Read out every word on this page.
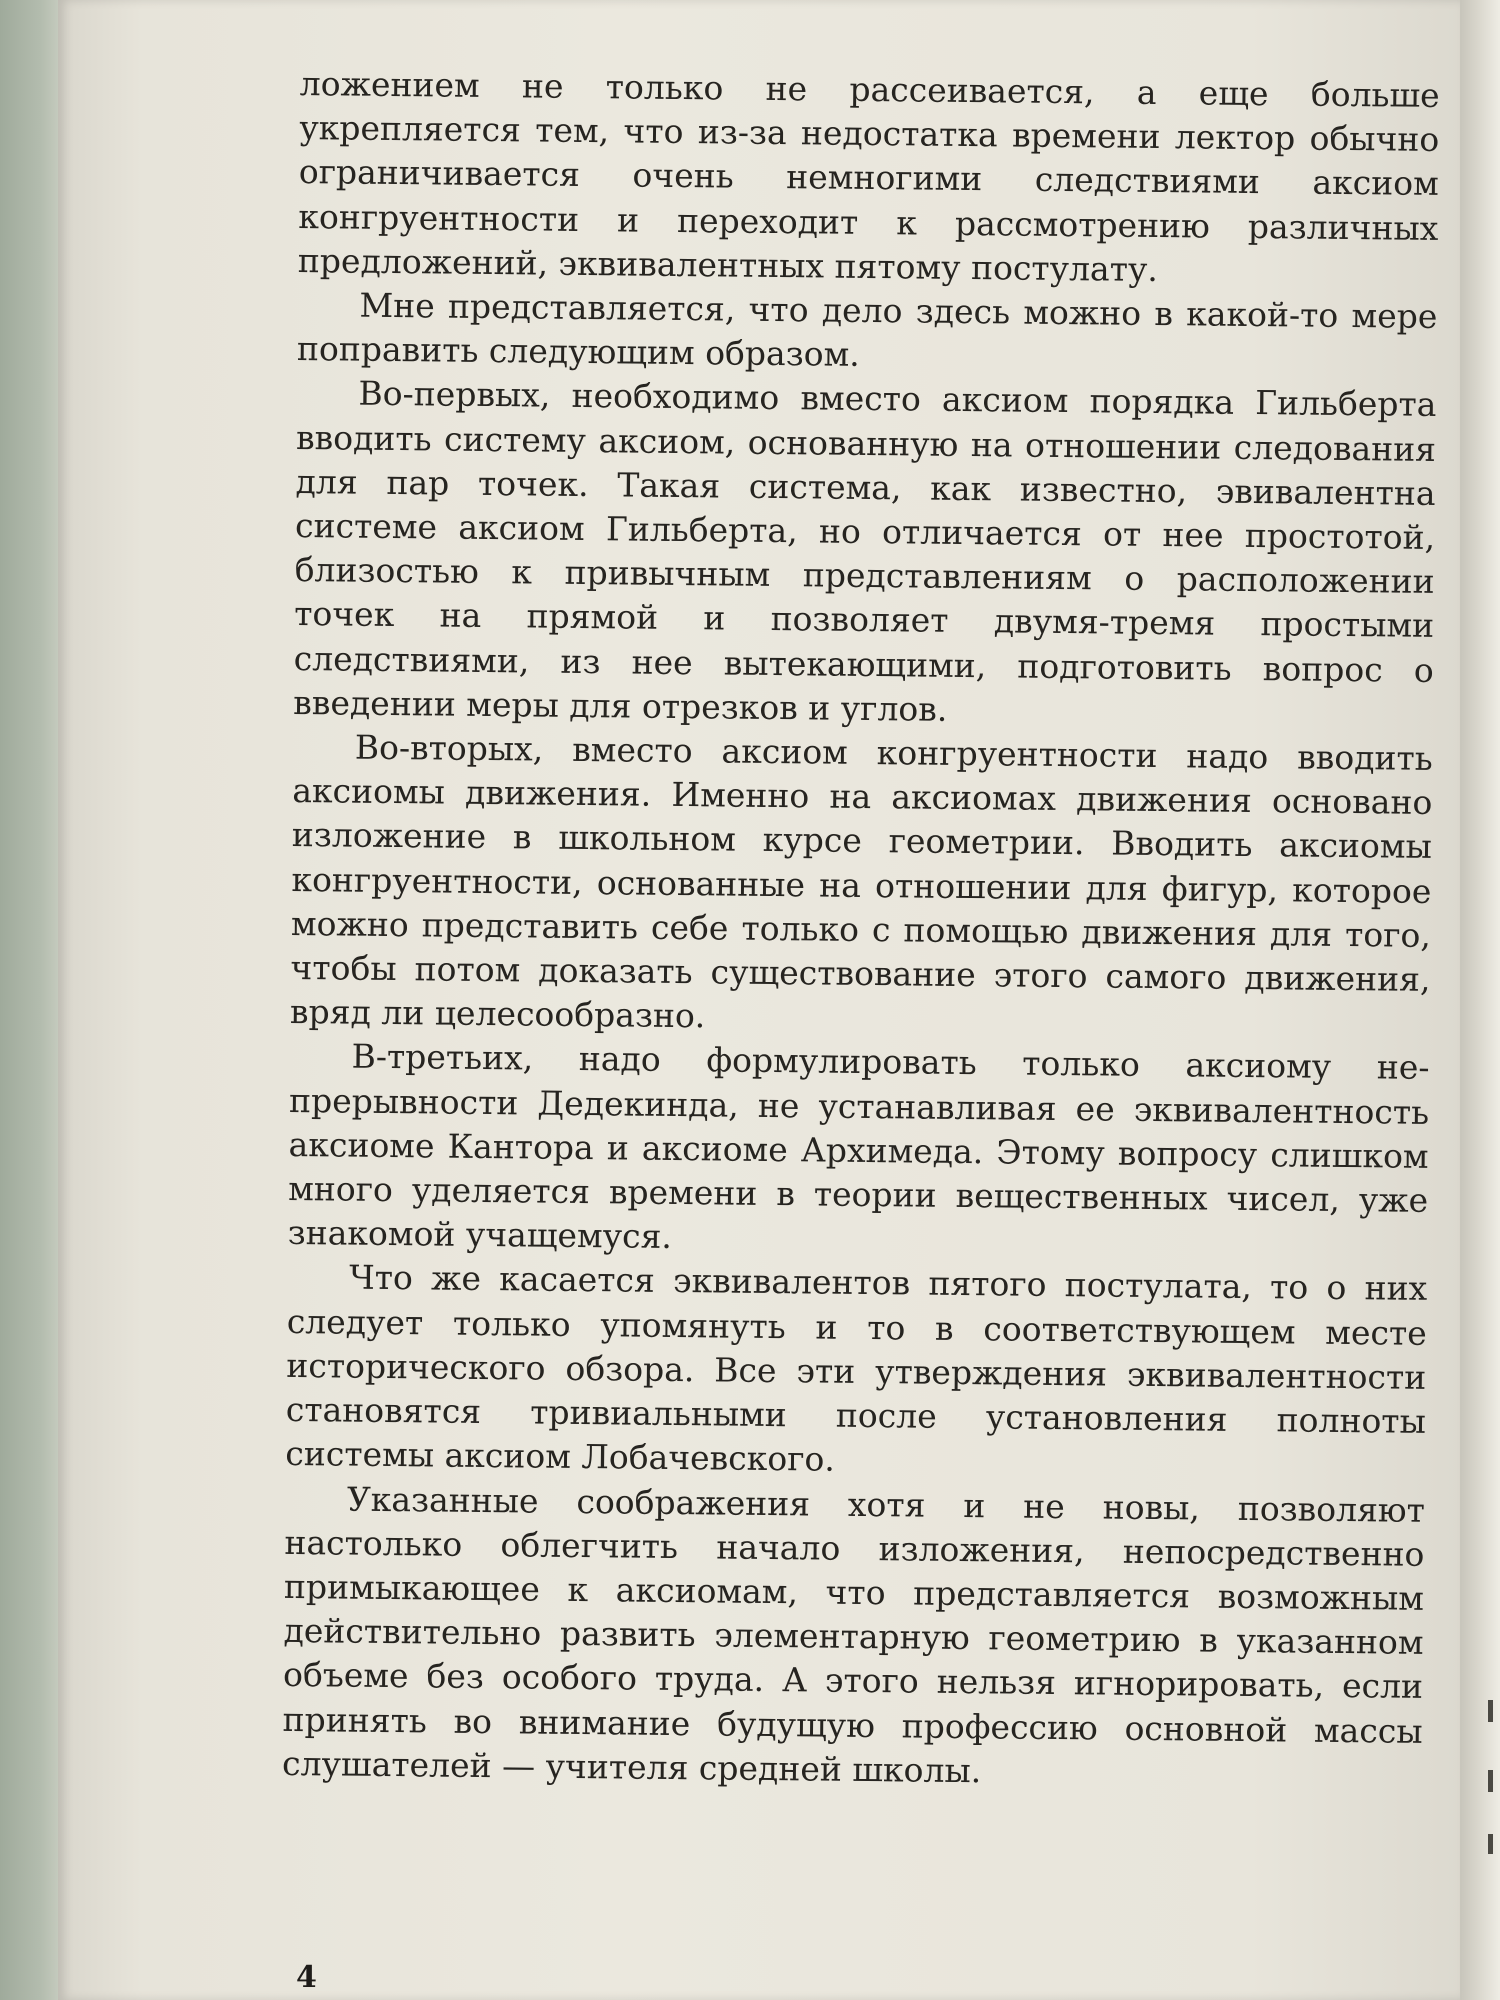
ложением не только не рассеивается, а еще больше укрепляется тем, что из-за недостатка времени лектор обычно ограничивается очень немногими следствиями аксиом конгруентности и переходит к рассмотрению различных предложений, эквивалентных пятому постулату.

Мне представляется, что дело здесь можно в какой-то мере поправить следующим образом.

Во-первых, необходимо вместо аксиом порядка Гильберта вводить систему аксиом, основанную на отношении следования для пар точек. Такая система, как известно, эвивалентна системе аксиом Гильберта, но отличается от нее простотой, близостью к привычным представлениям о расположении точек на прямой и позволяет двумя-тремя простыми следствиями, из нее вытекающими, подготовить вопрос о введении меры для отрезков и углов.

Во-вторых, вместо аксиом конгруентности надо вводить аксиомы движения. Именно на аксиомах движения основано изложение в школьном курсе геометрии. Вводить аксиомы конгруентности, основанные на отношении для фигур, которое можно представить себе только с помощью движения для того, чтобы потом доказать существование этого самого движения, вряд ли целесообразно.

В-третьих, надо формулировать только аксиому непрерывности Дедекинда, не устанавливая ее эквивалентность аксиоме Кантора и аксиоме Архимеда. Этому вопросу слишком много уделяется времени в теории вещественных чисел, уже знакомой учащемуся.

Что же касается эквивалентов пятого постулата, то о них следует только упомянуть и то в соответствующем месте исторического обзора. Все эти утверждения эквивалентности становятся тривиальными после установления полноты системы аксиом Лобачевского.

Указанные соображения хотя и не новы, позволяют настолько облегчить начало изложения, непосредственно примыкающее к аксиомам, что представляется возможным действительно развить элементарную геометрию в указанном объеме без особого труда. А этого нельзя игнорировать, если принять во внимание будущую профессию основной массы слушателей — учителя средней школы.

4
